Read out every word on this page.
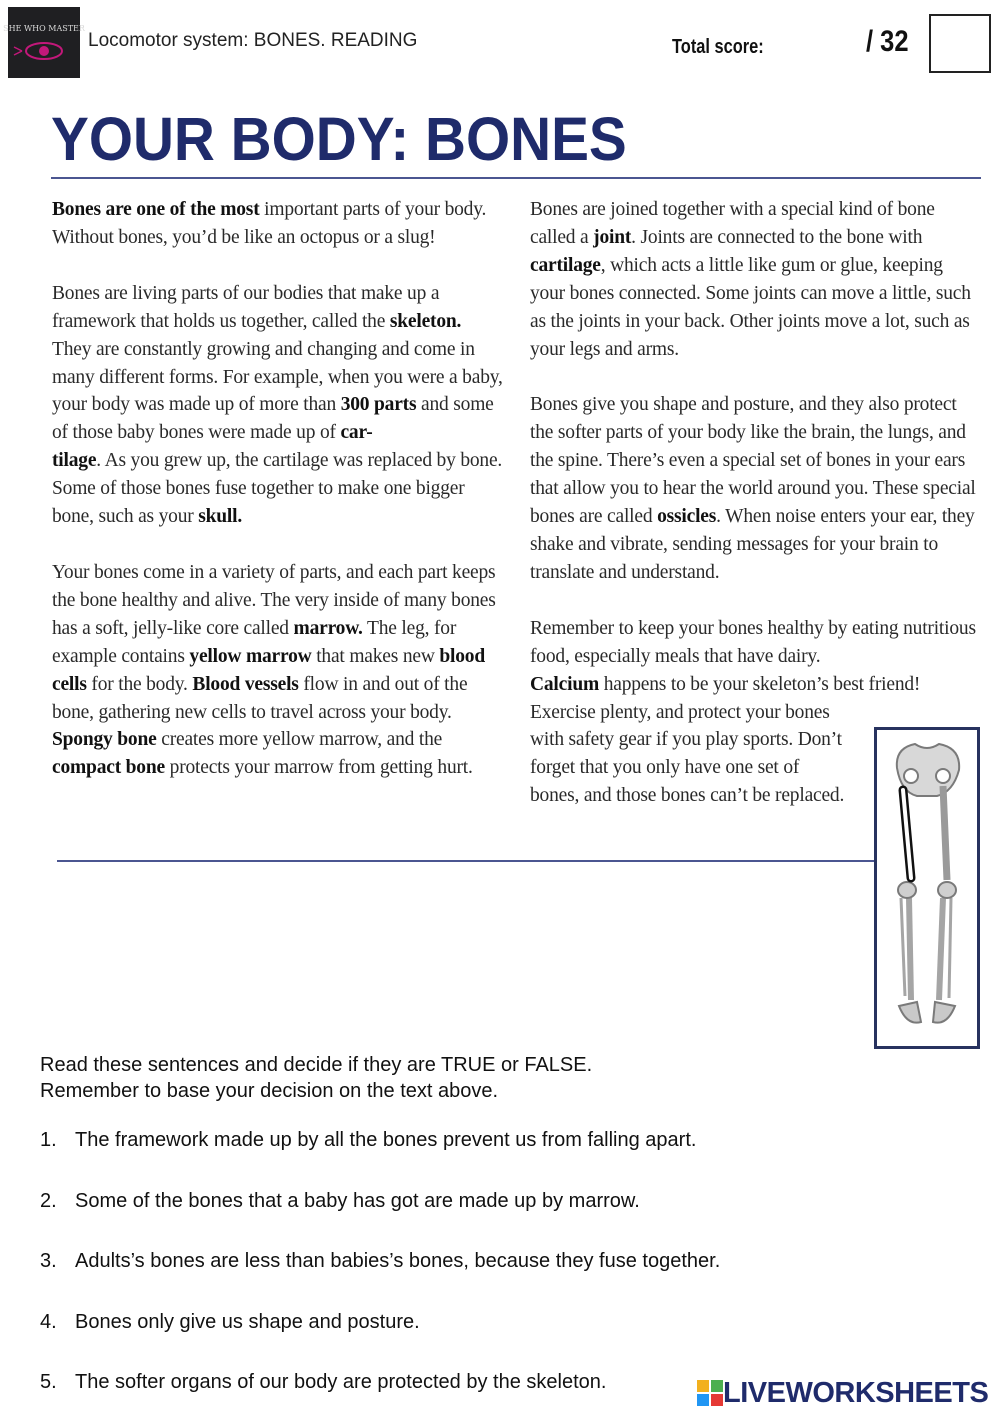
SHE WHO MASTER
Locomotor system: BONES. READING	Total score:	/ 32
YOUR BODY: BONES

Bones are one of the most important parts of your body. Without bones, you’d be like an octopus or a slug!

Bones are living parts of our bodies that make up a framework that holds us together, called the skeleton. They are constantly growing and changing and come in many different forms. For example, when you were a baby, your body was made up of more than 300 parts and some of those baby bones were made up of car-
tilage. As you grew up, the cartilage was replaced by bone. Some of those bones fuse together to make one bigger bone, such as your skull.

Your bones come in a variety of parts, and each part keeps the bone healthy and alive. The very inside of many bones has a soft, jelly-like core called marrow. The leg, for example contains yellow marrow that makes new blood cells for the body. Blood vessels flow in and out of the bone, gathering new cells to travel across your body. Spongy bone creates more yellow marrow, and the compact bone protects your marrow from getting hurt.

Bones are joined together with a special kind of bone called a joint. Joints are connected to the bone with cartilage, which acts a little like gum or glue, keeping your bones connected. Some joints can move a little, such as the joints in your back. Other joints move a lot, such as your legs and arms.

Bones give you shape and posture, and they also protect the softer parts of your body like the brain, the lungs, and the spine. There’s even a special set of bones in your ears that allow you to hear the world around you. These special bones are called ossicles. When noise enters your ear, they shake and vibrate, sending messages for your brain to translate and understand.

Remember to keep your bones healthy by eating nutritious food, especially meals that have dairy.
Calcium happens to be your skeleton’s best friend!
Exercise plenty, and protect your bones
with safety gear if you play sports. Don’t
forget that you only have one set of
bones, and those bones can’t be replaced.

Read these sentences and decide if they are TRUE or FALSE.
Remember to base your decision on the text above.
1. The framework made up by all the bones prevent us from falling apart.
2. Some of the bones that a baby has got are made up by marrow.
3. Adults’s bones are less than babies’s bones, because they fuse together.
4. Bones only give us shape and posture.
5. The softer organs of our body are protected by the skeleton.	LIVEWORKSHEETS
